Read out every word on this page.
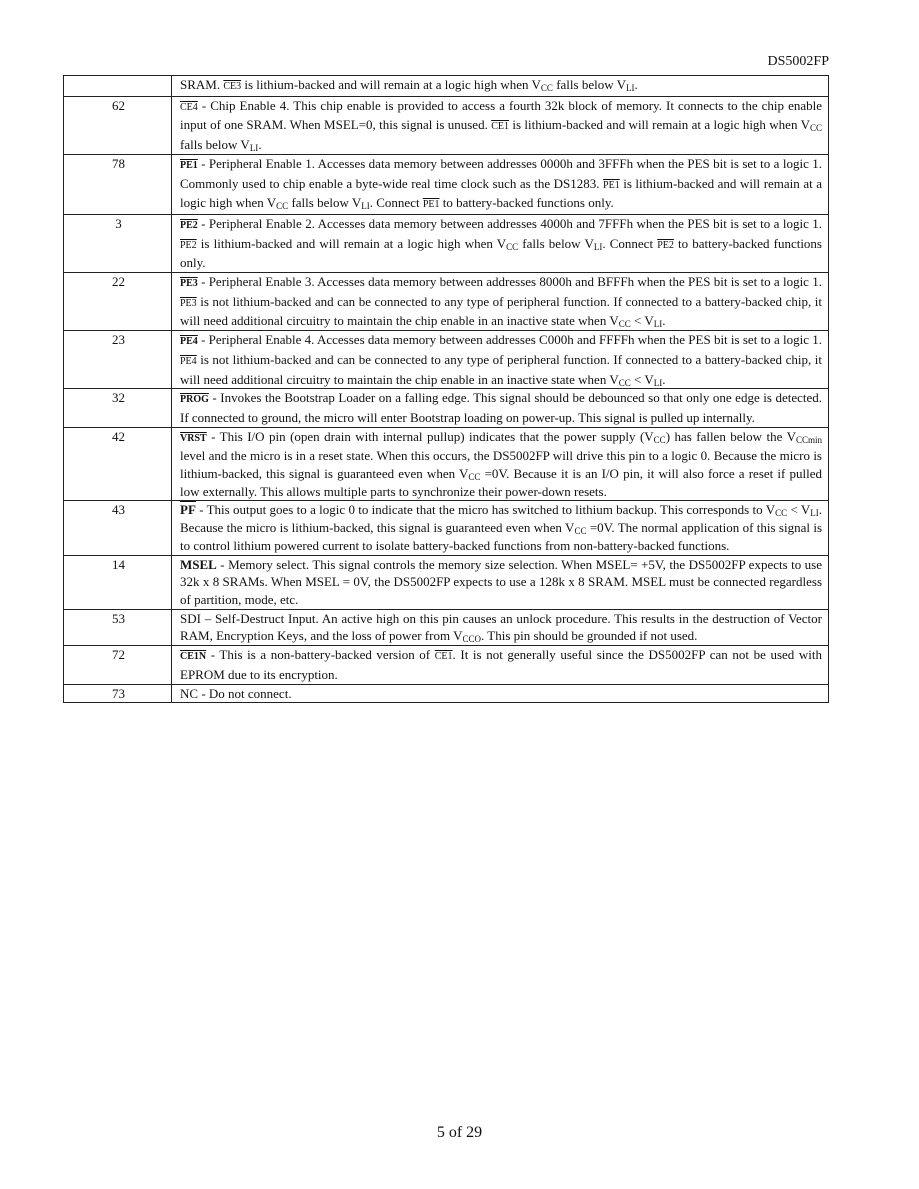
DS5002FP
	SRAM. CE3 is lithium-backed and will remain at a logic high when $V_{CC}$ falls below $V_{LI}$.
62	CE4 - Chip Enable 4. This chip enable is provided to access a fourth 32k block of memory. It connects to the chip enable input of one SRAM. When MSEL=0, this signal is unused. CE1 is lithium-backed and will remain at a logic high when $V_{CC}$ falls below $V_{LI}$.
78	PE1 - Peripheral Enable 1. Accesses data memory between addresses 0000h and 3FFFh when the PES bit is set to a logic 1. Commonly used to chip enable a byte-wide real time clock such as the DS1283. PE1 is lithium-backed and will remain at a logic high when $V_{CC}$ falls below $V_{LI}$. Connect PE1 to battery-backed functions only.
3	PE2 - Peripheral Enable 2. Accesses data memory between addresses 4000h and 7FFFh when the PES bit is set to a logic 1. PE2 is lithium-backed and will remain at a logic high when $V_{CC}$ falls below $V_{LI}$. Connect PE2 to battery-backed functions only.
22	PE3 - Peripheral Enable 3. Accesses data memory between addresses 8000h and BFFFh when the PES bit is set to a logic 1. PE3 is not lithium-backed and can be connected to any type of peripheral function. If connected to a battery-backed chip, it will need additional circuitry to maintain the chip enable in an inactive state when $V_{CC} < V_{LI}$.
23	PE4 - Peripheral Enable 4. Accesses data memory between addresses C000h and FFFFh when the PES bit is set to a logic 1. PE4 is not lithium-backed and can be connected to any type of peripheral function. If connected to a battery-backed chip, it will need additional circuitry to maintain the chip enable in an inactive state when $V_{CC} < V_{LI}$.
32	PROG - Invokes the Bootstrap Loader on a falling edge. This signal should be debounced so that only one edge is detected. If connected to ground, the micro will enter Bootstrap loading on power-up. This signal is pulled up internally.
42	VRST - This I/O pin (open drain with internal pullup) indicates that the power supply $(V_{CC})$ has fallen below the $V_{CCmin}$ level and the micro is in a reset state. When this occurs, the DS5002FP will drive this pin to a logic 0. Because the micro is lithium-backed, this signal is guaranteed even when $V_{CC} =0V$. Because it is an I/O pin, it will also force a reset if pulled low externally. This allows multiple parts to synchronize their power-down resets.
43	$\overline{PF}$ - This output goes to a logic 0 to indicate that the micro has switched to lithium backup. This corresponds to $V_{CC} < V_{LI}$. Because the micro is lithium-backed, this signal is guaranteed even when $V_{CC} =0V$. The normal application of this signal is to control lithium powered current to isolate battery-backed functions from non-battery-backed functions.
14	MSEL - Memory select. This signal controls the memory size selection. When MSEL= +5V, the DS5002FP expects to use 32k x 8 SRAMs. When MSEL = 0V, the DS5002FP expects to use a 128k x 8 SRAM. MSEL must be connected regardless of partition, mode, etc.
53	SDI – Self-Destruct Input. An active high on this pin causes an unlock procedure. This results in the destruction of Vector RAM, Encryption Keys, and the loss of power from $V_{CCO}$. This pin should be grounded if not used.
72	CE1N - This is a non-battery-backed version of CE1. It is not generally useful since the DS5002FP can not be used with EPROM due to its encryption.
73	NC - Do not connect.
5 of 29
